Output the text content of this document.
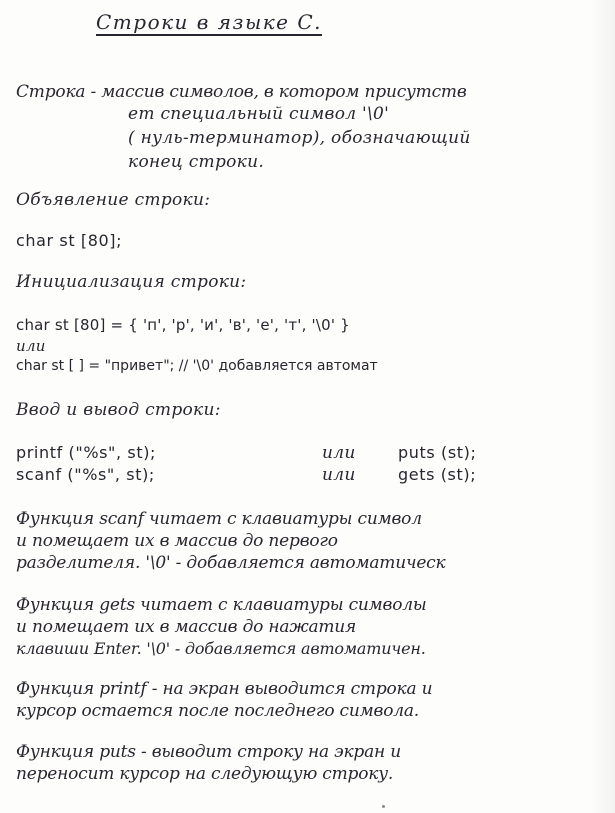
Строки в языке С.
Строка - массив символов, в котором присутств
ет специальный символ '\0'
( нуль-терминатор), обозначающий
конец строки.
Объявление строки:
char st [80];
Инициализация строки:
char st [80] = { 'п', 'р', 'и', 'в', 'е', 'т', '\0' }
или
char st [ ] = "привет"; // '\0' добавляется автомат
Ввод и вывод строки:
printf ("%s", st);	или	puts (st);
scanf ("%s", st);	или	gets (st);
Функция scanf читает с клавиатуры символ
и помещает их в массив до первого
разделителя. '\0' - добавляется автоматическ
Функция gets читает с клавиатуры символы
и помещает их в массив до нажатия
клавиши Enter. '\0' - добавляется автоматичен.
Функция printf - на экран выводится строка и
курсор остается после последнего символа.
Функция puts - выводит строку на экран и
переносит курсор на следующую строку.
